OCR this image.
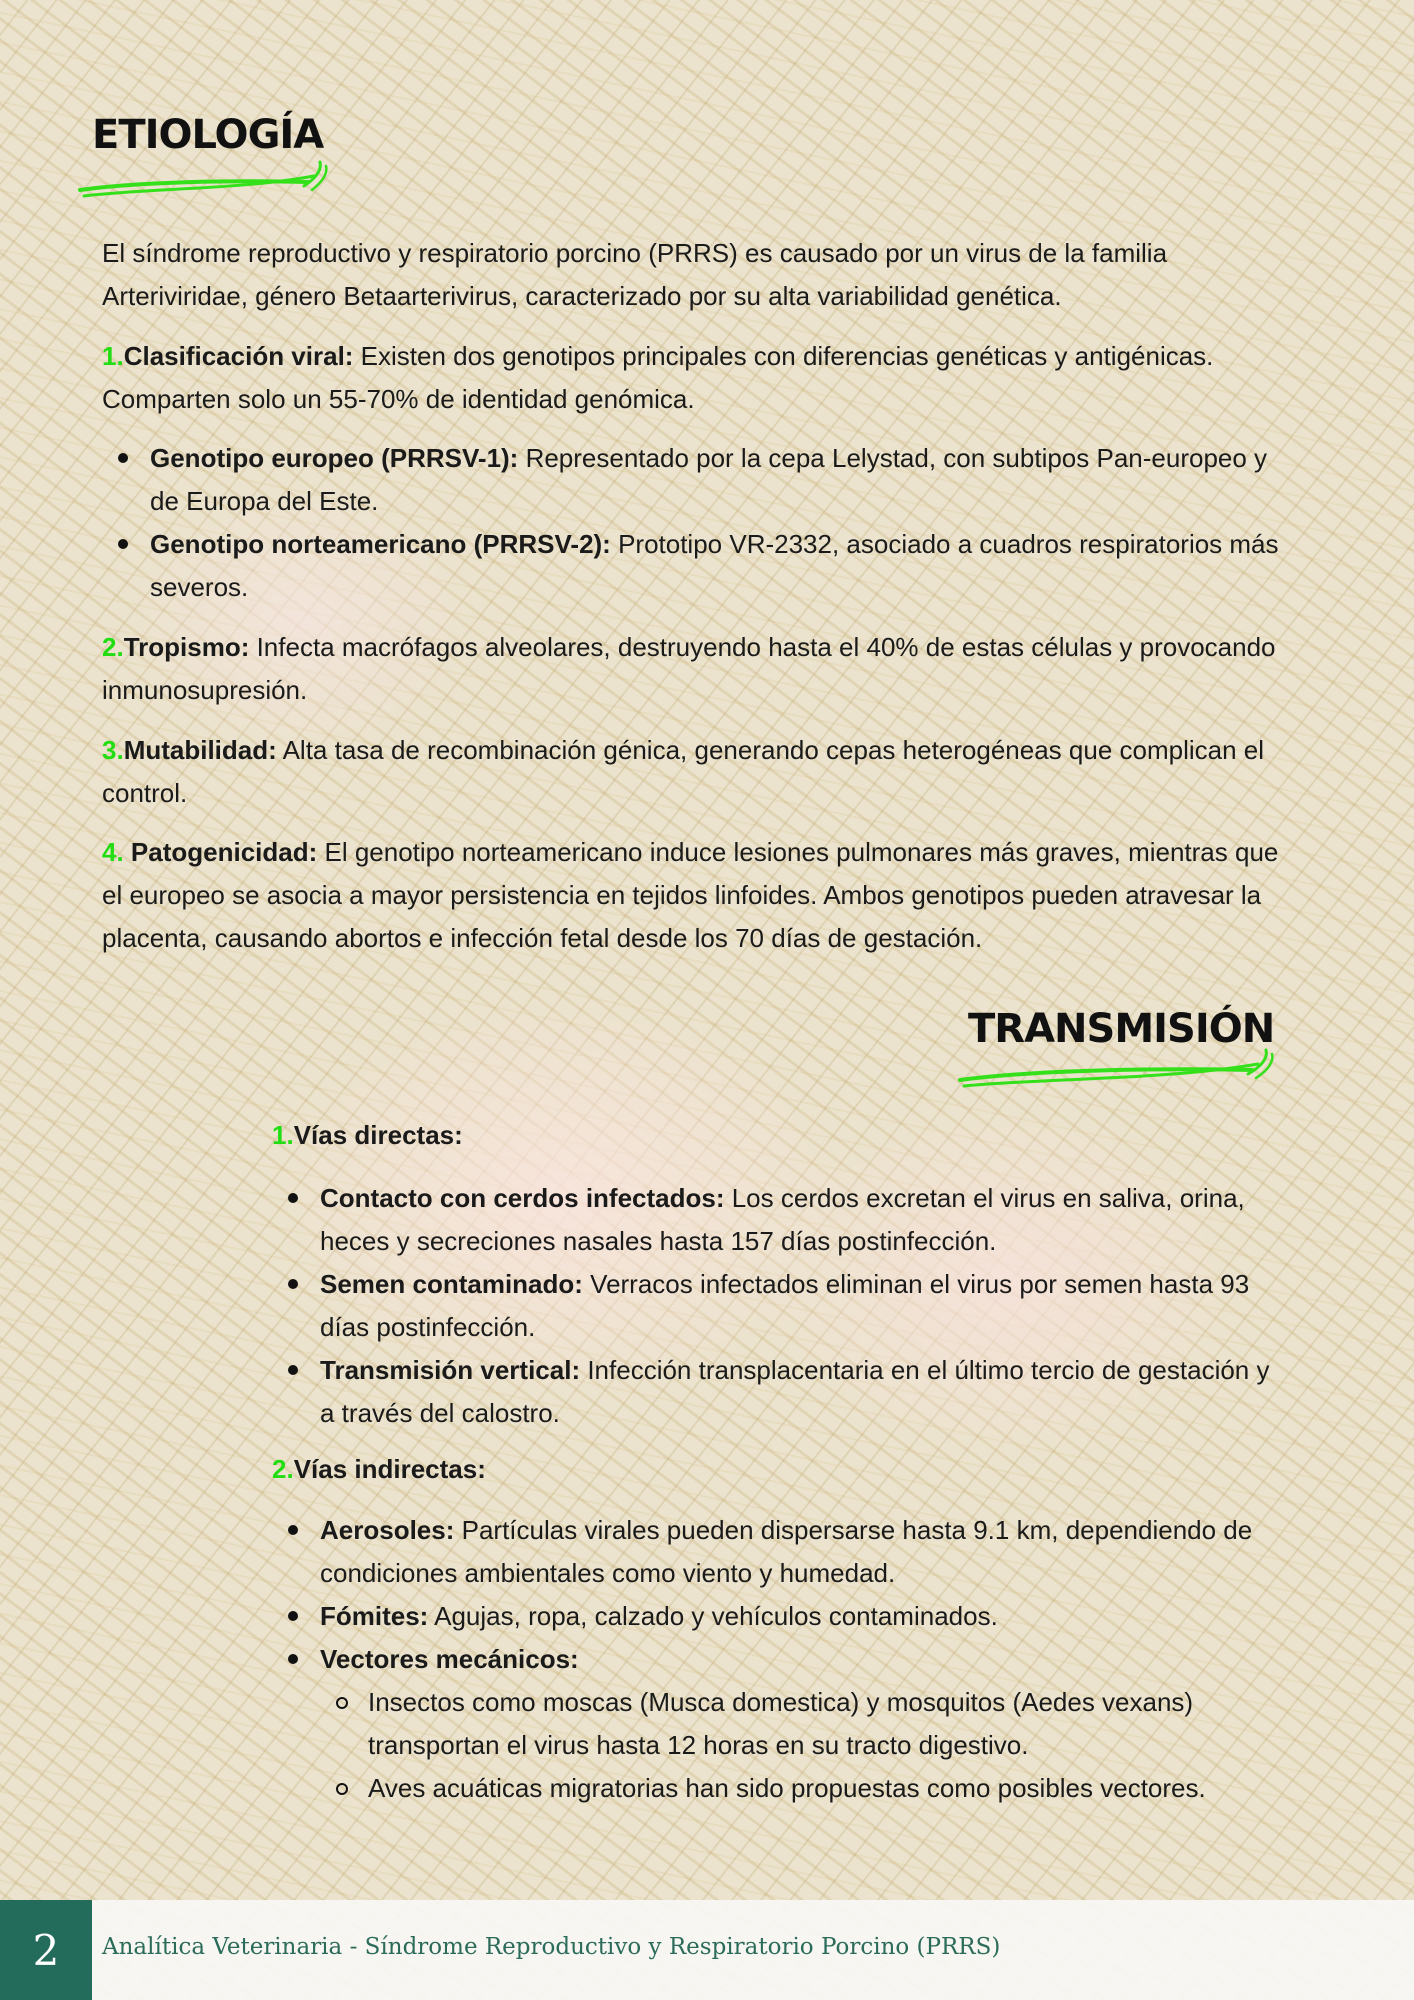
ETIOLOGÍA

El síndrome reproductivo y respiratorio porcino (PRRS) es causado por un virus de la familia Arteriviridae, género Betaarterivirus, caracterizado por su alta variabilidad genética.

1.Clasificación viral: Existen dos genotipos principales con diferencias genéticas y antigénicas. Comparten solo un 55-70% de identidad genómica.

Genotipo europeo (PRRSV-1): Representado por la cepa Lelystad, con subtipos Pan-europeo y de Europa del Este.
Genotipo norteamericano (PRRSV-2): Prototipo VR-2332, asociado a cuadros respiratorios más severos.

2.Tropismo: Infecta macrófagos alveolares, destruyendo hasta el 40% de estas células y provocando inmunosupresión.

3.Mutabilidad: Alta tasa de recombinación génica, generando cepas heterogéneas que complican el control.

4. Patogenicidad: El genotipo norteamericano induce lesiones pulmonares más graves, mientras que el europeo se asocia a mayor persistencia en tejidos linfoides. Ambos genotipos pueden atravesar la placenta, causando abortos e infección fetal desde los 70 días de gestación.

TRANSMISIÓN

1.Vías directas:

Contacto con cerdos infectados: Los cerdos excretan el virus en saliva, orina, heces y secreciones nasales hasta 157 días postinfección.
Semen contaminado: Verracos infectados eliminan el virus por semen hasta 93 días postinfección.
Transmisión vertical: Infección transplacentaria en el último tercio de gestación y a través del calostro.

2.Vías indirectas:

Aerosoles: Partículas virales pueden dispersarse hasta 9.1 km, dependiendo de condiciones ambientales como viento y humedad.
Fómites: Agujas, ropa, calzado y vehículos contaminados.
Vectores mecánicos:
Insectos como moscas (Musca domestica) y mosquitos (Aedes vexans) transportan el virus hasta 12 horas en su tracto digestivo.
Aves acuáticas migratorias han sido propuestas como posibles vectores.
2	Analítica Veterinaria - Síndrome Reproductivo y Respiratorio Porcino (PRRS)
